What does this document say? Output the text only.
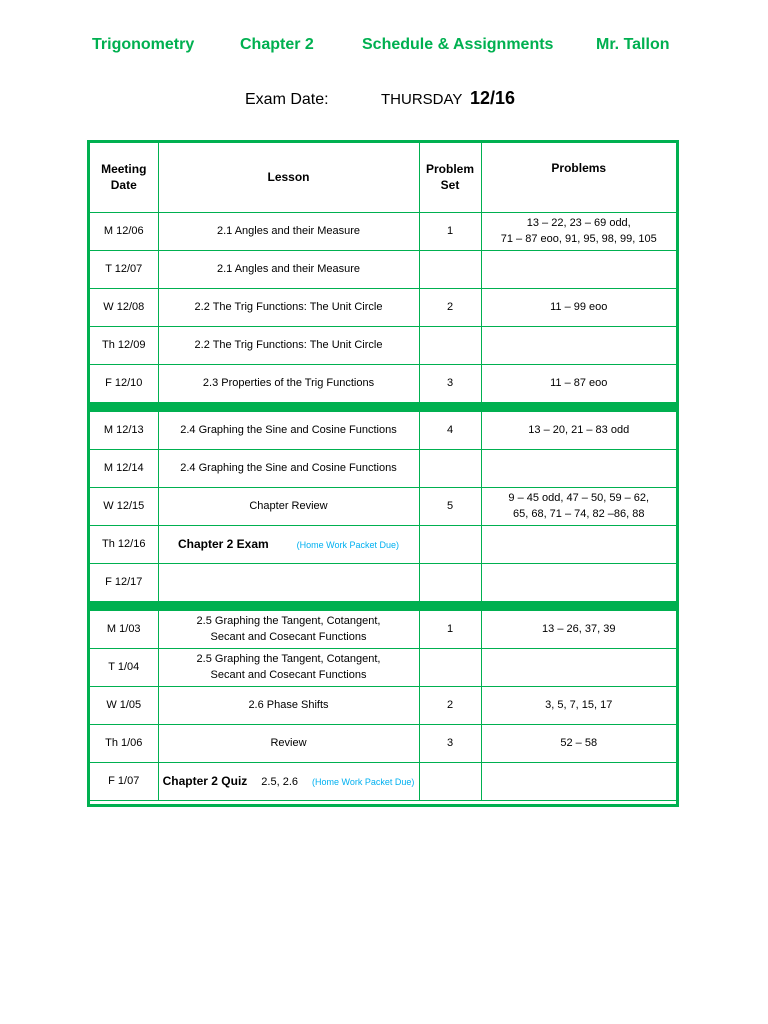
Trigonometry	Chapter 2	Schedule & Assignments	Mr. Tallon
Exam Date:	THURSDAY 12/16
Meeting Date	Lesson	Problem Set	Problems
M 12/06	2.1 Angles and their Measure	1	13 – 22, 23 – 69 odd,
71 – 87 eoo, 91, 95, 98, 99, 105
T 12/07	2.1 Angles and their Measure		
W 12/08	2.2 The Trig Functions: The Unit Circle	2	11 – 99 eoo
Th 12/09	2.2 The Trig Functions: The Unit Circle		
F 12/10	2.3 Properties of the Trig Functions	3	11 – 87 eoo

M 12/13	2.4 Graphing the Sine and Cosine Functions	4	13 – 20, 21 – 83 odd
M 12/14	2.4 Graphing the Sine and Cosine Functions		
W 12/15	Chapter Review	5	9 – 45 odd, 47 – 50, 59 – 62,
65, 68, 71 – 74, 82 –86, 88
Th 12/16	Chapter 2 Exam (Home Work Packet Due)		
F 12/17			

M 1/03	2.5 Graphing the Tangent, Cotangent,
Secant and Cosecant Functions	1	13 – 26, 37, 39
T 1/04	2.5 Graphing the Tangent, Cotangent,
Secant and Cosecant Functions		
W 1/05	2.6 Phase Shifts	2	3, 5, 7, 15, 17
Th 1/06	Review	3	52 – 58
F 1/07	Chapter 2 Quiz 2.5, 2.6 (Home Work Packet Due)		
